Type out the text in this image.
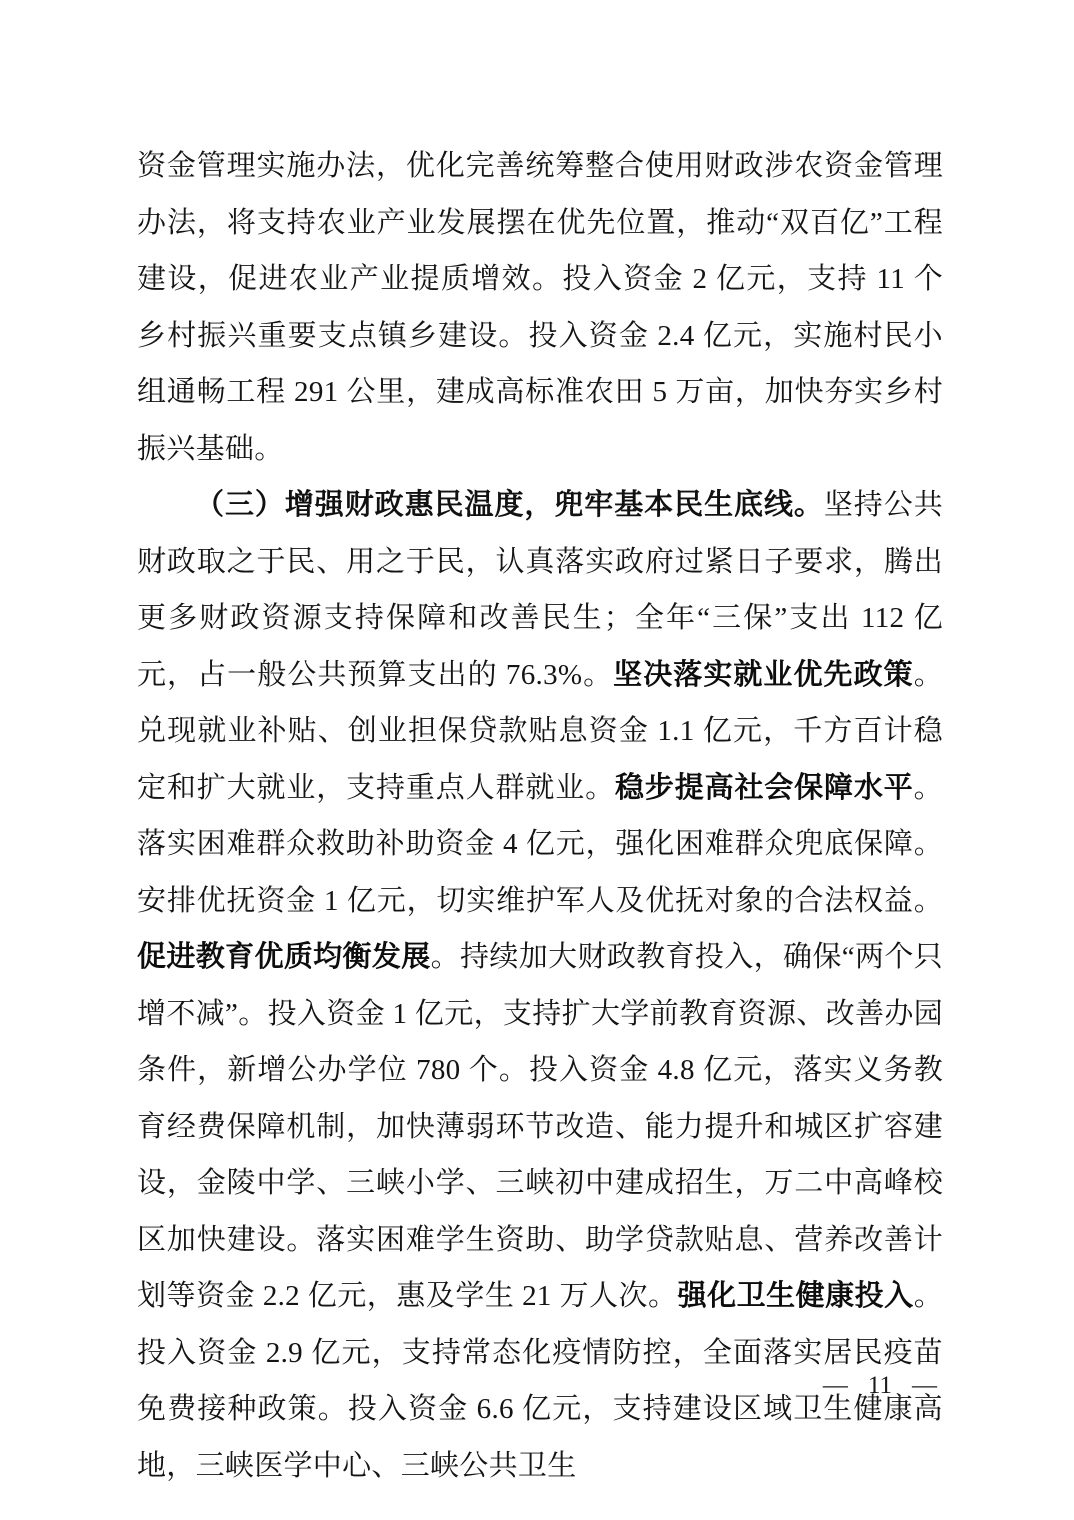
资金管理实施办法，优化完善统筹整合使用财政涉农资金管理办法，将支持农业产业发展摆在优先位置，推动“双百亿”工程建设，促进农业产业提质增效。投入资金 2 亿元，支持 11 个乡村振兴重要支点镇乡建设。投入资金 2.4 亿元，实施村民小组通畅工程 291 公里，建成高标准农田 5 万亩，加快夯实乡村振兴基础。

（三）增强财政惠民温度，兜牢基本民生底线。坚持公共财政取之于民、用之于民，认真落实政府过紧日子要求，腾出更多财政资源支持保障和改善民生；全年“三保”支出 112 亿元，占一般公共预算支出的 76.3%。坚决落实就业优先政策。兑现就业补贴、创业担保贷款贴息资金 1.1 亿元，千方百计稳定和扩大就业，支持重点人群就业。稳步提高社会保障水平。落实困难群众救助补助资金 4 亿元，强化困难群众兜底保障。安排优抚资金 1 亿元，切实维护军人及优抚对象的合法权益。促进教育优质均衡发展。持续加大财政教育投入，确保“两个只增不减”。投入资金 1 亿元，支持扩大学前教育资源、改善办园条件，新增公办学位 780 个。投入资金 4.8 亿元，落实义务教育经费保障机制，加快薄弱环节改造、能力提升和城区扩容建设，金陵中学、三峡小学、三峡初中建成招生，万二中高峰校区加快建设。落实困难学生资助、助学贷款贴息、营养改善计划等资金 2.2 亿元，惠及学生 21 万人次。强化卫生健康投入。投入资金 2.9 亿元，支持常态化疫情防控，全面落实居民疫苗免费接种政策。投入资金 6.6 亿元，支持建设区域卫生健康高地，三峡医学中心、三峡公共卫生

— 11 —
